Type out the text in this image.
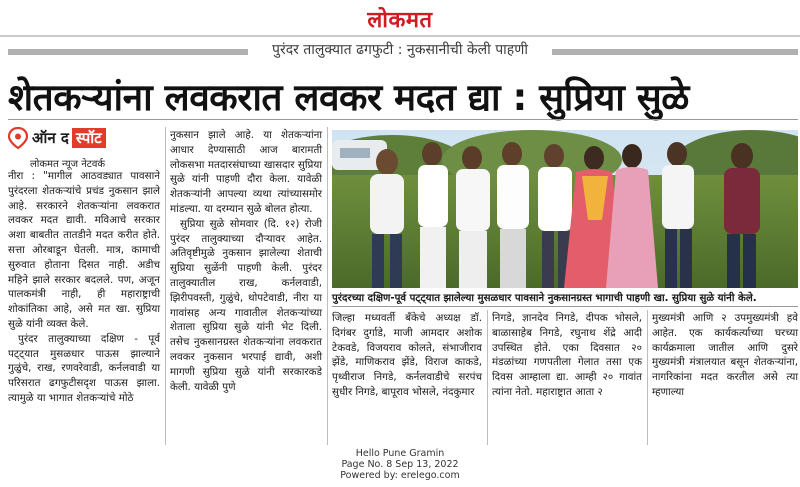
लोकमत
पुरंदर तालुक्यात ढगफुटी : नुकसानीची केली पाहणी
शेतकऱ्यांना लवकरात लवकर मदत द्या : सुप्रिया सुळे
ऑन द स्पॉट
लोकमत न्यूज नेटवर्क

नीरा : "मागील आठवड्यात पावसाने पुरंदरला शेतकऱ्यांचे प्रचंड नुकसान झाले आहे. सरकारने शेतकऱ्यांना लवकरात लवकर मदत द्यावी. मविआचे सरकार अशा बाबतीत तातडीने मदत करीत होते. सत्ता ओरबाडून घेतली. मात्र, कामाची सुरुवात होताना दिसत नाही. अडीच महिने झाले सरकार बदलले. पण, अजून पालकमंत्री नाही, ही महाराष्ट्राची शोकांतिका आहे, असे मत खा. सुप्रिया सुळे यांनी व्यक्त केले.

पुरंदर तालुक्याच्या दक्षिण - पूर्व पट्ट्यात मुसळधार पाऊस झाल्याने गुळुंचे, राख, रणवरेवाडी, कर्नलवाडी या परिसरात ढगफुटीसदृश पाऊस झाला. त्यामुळे या भागात शेतकऱ्यांचे मोठे

नुकसान झाले आहे. या शेतकऱ्यांना आधार देण्यासाठी आज बारामती लोकसभा मतदारसंघाच्या खासदार सुप्रिया सुळे यांनी पाहणी दौरा केला. यावेळी शेतकऱ्यांनी आपल्या व्यथा त्यांच्यासमोर मांडल्या. या दरम्यान सुळे बोलत होत्या.

सुप्रिया सुळे सोमवार (दि. १२) रोजी पुरंदर तालुक्याच्या दौऱ्यावर आहेत. अतिवृष्टीमुळे नुकसान झालेल्या शेताची सुप्रिया सुळेंनी पाहणी केली. पुरंदर तालुक्यातील राख, कर्नलवाडी, झिरीपवस्ती, गुळुंचे, थोपटेवाडी, नीरा या गावांसह अन्य गावातील शेतकऱ्यांच्या शेताला सुप्रिया सुळे यांनी भेट दिली. तसेच नुकसानग्रस्त शेतकऱ्यांना लवकरात लवकर नुकसान भरपाई द्यावी, अशी मागणी सुप्रिया सुळे यांनी सरकारकडे केली. यावेळी पुणे

पुरंदरच्या दक्षिण-पूर्व पट्ट्यात झालेल्या मुसळधार पावसाने नुकसानग्रस्त भागाची पाहणी खा. सुप्रिया सुळे यांनी केले.

जिल्हा मध्यवर्ती बँकेचे अध्यक्ष डॉ. दिगंबर दुर्गाडे, माजी आमदार अशोक टेकवडे, विजयराव कोलते, संभाजीराव झेंडे, माणिकराव झेंडे, विराज काकडे, पृथ्वीराज निगडे, कर्नलवाडीचे सरपंच सुधीर निगडे, बापूराव भोसले, नंदकुमार

निगडे, ज्ञानदेव निगडे, दीपक भोसले, बाळासाहेब निगडे, रघुनाथ शेंद्रे आदी उपस्थित होते. एका दिवसात २० मंडळांच्या गणपतीला गेलात तसा एक दिवस आम्हाला द्या. आम्ही २० गावांत त्यांना नेतो. महाराष्ट्रात आता २

मुख्यमंत्री आणि २ उपमुख्यमंत्री हवे आहेत. एक कार्यकर्त्याच्या घरच्या कार्यक्रमाला जातील आणि दुसरे मुख्यमंत्री मंत्रालयात बसून शेतकऱ्यांना, नागरिकांना मदत करतील असे त्या म्हणाल्या

Hello Pune Gramin
Page No. 8 Sep 13, 2022
Powered by: erelego.com
